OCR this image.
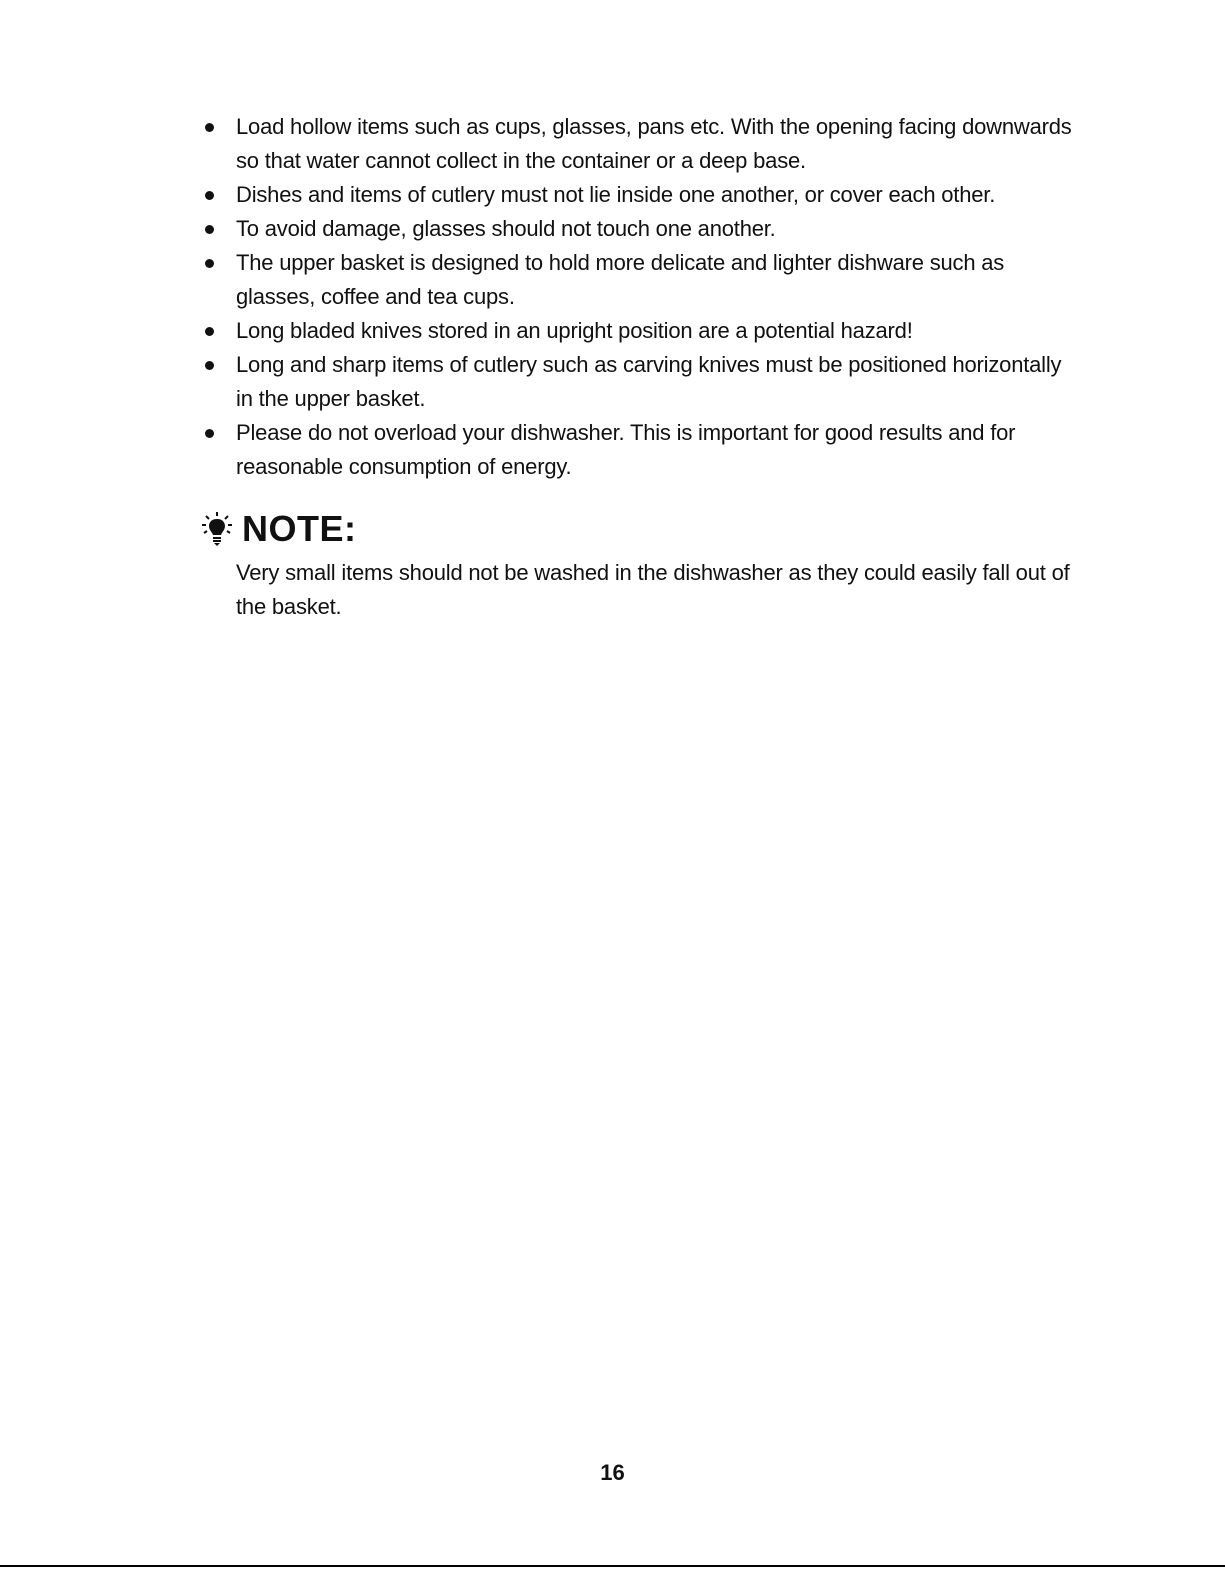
Load hollow items such as cups, glasses, pans etc. With the opening facing downwards so that water cannot collect in the container or a deep base.
Dishes and items of cutlery must not lie inside one another, or cover each other.
To avoid damage, glasses should not touch one another.
The upper basket is designed to hold more delicate and lighter dishware such as glasses, coffee and tea cups.
Long bladed knives stored in an upright position are a potential hazard!
Long and sharp items of cutlery such as carving knives must be positioned horizontally in the upper basket.
Please do not overload your dishwasher. This is important for good results and for reasonable consumption of energy.
NOTE:

Very small items should not be washed in the dishwasher as they could easily fall out of the basket.

16
